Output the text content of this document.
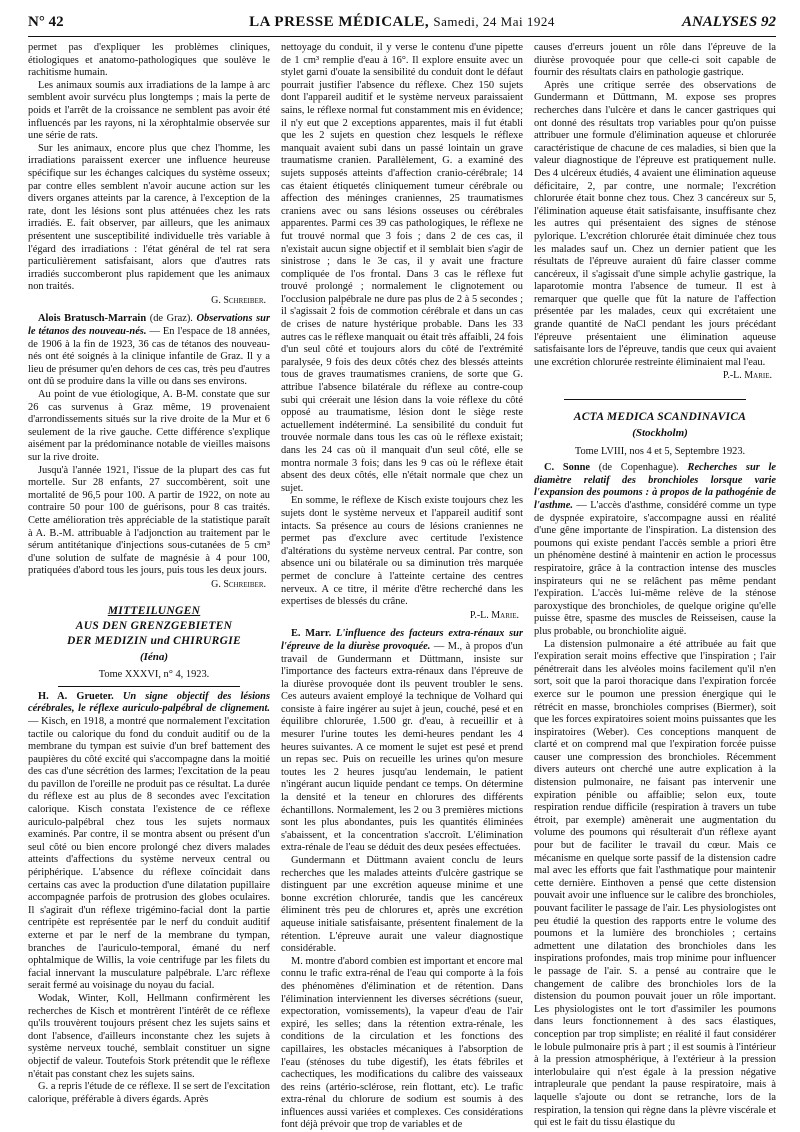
N° 42	LA PRESSE MÉDICALE, Samedi, 24 Mai 1924	ANALYSES 92

permet pas d'expliquer les problèmes cliniques, étiologiques et anatomo-pathologiques que soulève le rachitisme humain.

Les animaux soumis aux irradiations de la lampe à arc semblent avoir survécu plus longtemps ; mais la perte de poids et l'arrêt de la croissance ne semblent pas avoir été influencés par les rayons, ni la xérophtalmie observée sur une série de rats.

Sur les animaux, encore plus que chez l'homme, les irradiations paraissent exercer une influence heureuse spécifique sur les échanges calciques du système osseux; par contre elles semblent n'avoir aucune action sur les divers organes atteints par la carence, à l'exception de la rate, dont les lésions sont plus atténuées chez les rats irradiés. E. fait observer, par ailleurs, que les animaux présentent une susceptibilité individuelle très variable à l'égard des irradiations : l'état général de tel rat sera particulièrement satisfaisant, alors que d'autres rats irradiés succomberont plus rapidement que les animaux non traités.

G. Schreiber.

Alois Bratusch-Marrain (de Graz). Observations sur le tétanos des nouveau-nés. — En l'espace de 18 années, de 1906 à la fin de 1923, 36 cas de tétanos des nouveau-nés ont été soignés à la clinique infantile de Graz. Il y a lieu de présumer qu'en dehors de ces cas, très peu d'autres ont dû se produire dans la ville ou dans ses environs.

Au point de vue étiologique, A. B-M. constate que sur 26 cas survenus à Graz même, 19 provenaient d'arrondissements situés sur la rive droite de la Mur et 6 seulement de la rive gauche. Cette différence s'explique aisément par la prédominance notable de vieilles maisons sur la rive droite.

Jusqu'à l'année 1921, l'issue de la plupart des cas fut mortelle. Sur 28 enfants, 27 succombèrent, soit une mortalité de 96,5 pour 100. A partir de 1922, on note au contraire 50 pour 100 de guérisons, pour 8 cas traités. Cette amélioration très appréciable de la statistique paraît à A. B.-M. attribuable à l'adjonction au traitement par le sérum antitétanique d'injections sous-cutanées de 5 cm³ d'une solution de sulfate de magnésie à 4 pour 100, pratiquées d'abord tous les jours, puis tous les deux jours.

G. Schreiber.

MITTEILUNGEN

AUS DEN GRENZGEBIETEN

DER MEDIZIN und CHIRURGIE

(Iéna)

Tome XXXVI, n° 4, 1923.

H. A. Grueter. Un signe objectif des lésions cérébrales, le réflexe auriculo-palpébral de clignement. — Kisch, en 1918, a montré que normalement l'excitation tactile ou calorique du fond du conduit auditif ou de la membrane du tympan est suivie d'un bref battement des paupières du côté excité qui s'accompagne dans la moitié des cas d'une sécrétion des larmes; l'excitation de la peau du pavillon de l'oreille ne produit pas ce résultat. La durée du réflexe est au plus de 8 secondes avec l'excitation calorique. Kisch constata l'existence de ce réflexe auriculo-palpébral chez tous les sujets normaux examinés. Par contre, il se montra absent ou présent d'un seul côté ou bien encore prolongé chez divers malades atteints d'affections du système nerveux central ou périphérique. L'absence du réflexe coïncidait dans certains cas avec la production d'une dilatation pupillaire accompagnée parfois de protrusion des globes oculaires. Il s'agirait d'un réflexe trigémino-facial dont la partie centripète est représentée par le nerf du conduit auditif externe et par le nerf de la membrane du tympan, branches de l'auriculo-temporal, émané du nerf ophtalmique de Willis, la voie centrifuge par les filets du facial innervant la musculature palpébrale. L'arc réflexe serait fermé au voisinage du noyau du facial.

Wodak, Winter, Koll, Hellmann confirmèrent les recherches de Kisch et montrèrent l'intérêt de ce réflexe qu'ils trouvèrent toujours présent chez les sujets sains et dont l'absence, d'ailleurs inconstante chez les sujets à système nerveux touché, semblait constituer un signe objectif de valeur. Toutefois Stork prétendit que le réflexe n'était pas constant chez les sujets sains.

G. a repris l'étude de ce réflexe. Il se sert de l'excitation calorique, préférable à divers égards. Après

nettoyage du conduit, il y verse le contenu d'une pipette de 1 cm³ remplie d'eau à 16°. Il explore ensuite avec un stylet garni d'ouate la sensibilité du conduit dont le défaut pourrait justifier l'absence du réflexe. Chez 150 sujets dont l'appareil auditif et le système nerveux paraissaient sains, le réflexe normal fut constamment mis en évidence; il n'y eut que 2 exceptions apparentes, mais il fut établi que les 2 sujets en question chez lesquels le réflexe manquait avaient subi dans un passé lointain un grave traumatisme cranien. Parallèlement, G. a examiné des sujets supposés atteints d'affection cranio-cérébrale; 14 cas étaient étiquetés cliniquement tumeur cérébrale ou affection des méninges craniennes, 25 traumatismes craniens avec ou sans lésions osseuses ou cérébrales apparentes. Parmi ces 39 cas pathologiques, le réflexe ne fut trouvé normal que 3 fois ; dans 2 de ces cas, il n'existait aucun signe objectif et il semblait bien s'agir de sinistrose ; dans le 3e cas, il y avait une fracture compliquée de l'os frontal. Dans 3 cas le réflexe fut trouvé prolongé ; normalement le clignotement ou l'occlusion palpébrale ne dure pas plus de 2 à 5 secondes ; il s'agissait 2 fois de commotion cérébrale et dans un cas de crises de nature hystérique probable. Dans les 33 autres cas le réflexe manquait ou était très affaibli, 24 fois d'un seul côté et toujours alors du côté de l'extrémité paralysée, 9 fois des deux côtés chez des blessés atteints tous de graves traumatismes craniens, de sorte que G. attribue l'absence bilatérale du réflexe au contre-coup subi qui créerait une lésion dans la voie réflexe du côté opposé au traumatisme, lésion dont le siège reste actuellement indéterminé. La sensibilité du conduit fut trouvée normale dans tous les cas où le réflexe existait; dans les 24 cas où il manquait d'un seul côté, elle se montra normale 3 fois; dans les 9 cas où le réflexe était absent des deux côtés, elle n'était normale que chez un sujet.

En somme, le réflexe de Kisch existe toujours chez les sujets dont le système nerveux et l'appareil auditif sont intacts. Sa présence au cours de lésions craniennes ne permet pas d'exclure avec certitude l'existence d'altérations du système nerveux central. Par contre, son absence uni ou bilatérale ou sa diminution très marquée permet de conclure à l'atteinte certaine des centres nerveux. A ce titre, il mérite d'être recherché dans les expertises de blessés du crâne.

P.-L. Marie.

E. Marr. L'influence des facteurs extra-rénaux sur l'épreuve de la diurèse provoquée. — M., à propos d'un travail de Gundermann et Düttmann, insiste sur l'importance des facteurs extra-rénaux dans l'épreuve de la diurèse provoquée dont ils peuvent troubler le sens. Ces auteurs avaient employé la technique de Volhard qui consiste à faire ingérer au sujet à jeun, couché, pesé et en équilibre chlorurée, 1.500 gr. d'eau, à recueillir et à mesurer l'urine toutes les demi-heures pendant les 4 heures suivantes. A ce moment le sujet est pesé et prend un repas sec. Puis on recueille les urines qu'on mesure toutes les 2 heures jusqu'au lendemain, le patient n'ingérant aucun liquide pendant ce temps. On détermine la densité et la teneur en chlorures des différents échantillons. Normalement, les 2 ou 3 premières mictions sont les plus abondantes, puis les quantités éliminées s'abaissent, et la concentration s'accroît. L'élimination extra-rénale de l'eau se déduit des deux pesées effectuées.

Gundermann et Düttmann avaient conclu de leurs recherches que les malades atteints d'ulcère gastrique se distinguent par une excrétion aqueuse minime et une bonne excrétion chlorurée, tandis que les cancéreux éliminent très peu de chlorures et, après une excrétion aqueuse initiale satisfaisante, présentent finalement de la rétention. L'épreuve aurait une valeur diagnostique considérable.

M. montre d'abord combien est important et encore mal connu le trafic extra-rénal de l'eau qui comporte à la fois des phénomènes d'élimination et de rétention. Dans l'élimination interviennent les diverses sécrétions (sueur, expectoration, vomissements), la vapeur d'eau de l'air expiré, les selles; dans la rétention extra-rénale, les conditions de la circulation et les fonctions des capillaires, les obstacles mécaniques à l'absorption de l'eau (sténoses du tube digestif), les états fébriles et cachectiques, les modifications du calibre des vaisseaux des reins (artério-sclérose, rein flottant, etc). Le trafic extra-rénal du chlorure de sodium est soumis à des influences aussi variées et complexes. Ces considérations font déjà prévoir que trop de variables et de

causes d'erreurs jouent un rôle dans l'épreuve de la diurèse provoquée pour que celle-ci soit capable de fournir des résultats clairs en pathologie gastrique.

Après une critique serrée des observations de Gundermann et Düttmann, M. expose ses propres recherches dans l'ulcère et dans le cancer gastriques qui ont donné des résultats trop variables pour qu'on puisse attribuer une formule d'élimination aqueuse et chlorurée caractéristique de chacune de ces maladies, si bien que la valeur diagnostique de l'épreuve est pratiquement nulle. Des 4 ulcéreux étudiés, 4 avaient une élimination aqueuse déficitaire, 2, par contre, une normale; l'excrétion chlorurée était bonne chez tous. Chez 3 cancéreux sur 5, l'élimination aqueuse était satisfaisante, insuffisante chez les autres qui présentaient des signes de sténose pylorique. L'excrétion chlorurée était diminuée chez tous les malades sauf un. Chez un dernier patient que les résultats de l'épreuve auraient dû faire classer comme cancéreux, il s'agissait d'une simple achylie gastrique, la laparotomie montra l'absence de tumeur. Il est à remarquer que quelle que fût la nature de l'affection présentée par les malades, ceux qui excrétaient une grande quantité de NaCl pendant les jours précédant l'épreuve présentaient une élimination aqueuse satisfaisante lors de l'épreuve, tandis que ceux qui avaient une excrétion chlorurée restreinte éliminaient mal l'eau.

P.-L. Marie.

ACTA MEDICA SCANDINAVICA

(Stockholm)

Tome LVIII, nos 4 et 5, Septembre 1923.

C. Sonne (de Copenhague). Recherches sur le diamètre relatif des bronchioles lorsque varie l'expansion des poumons : à propos de la pathogénie de l'asthme. — L'accès d'asthme, considéré comme un type de dyspnée expiratoire, s'accompagne aussi en réalité d'une gêne importante de l'inspiration. La distension des poumons qui existe pendant l'accès semble a priori être un phénomène destiné à maintenir en action le processus respiratoire, grâce à la contraction intense des muscles inspirateurs qui ne se relâchent pas même pendant l'expiration. L'accès lui-même relève de la sténose paroxystique des bronchioles, de quelque origine qu'elle puisse être, spasme des muscles de Reisseisen, cause la plus probable, ou bronchiolite aiguë.

La distension pulmonaire a été attribuée au fait que l'expiration serait moins effective que l'inspiration ; l'air pénétrerait dans les alvéoles moins facilement qu'il n'en sort, soit que la paroi thoracique dans l'expiration forcée exerce sur le poumon une pression énergique qui le rétrécit en masse, bronchioles comprises (Biermer), soit que les forces expiratoires soient moins puissantes que les inspiratoires (Weber). Ces conceptions manquent de clarté et on comprend mal que l'expiration forcée puisse causer une compression des bronchioles. Récemment divers auteurs ont cherché une autre explication à la distension pulmonaire, ne faisant pas intervenir une expiration pénible ou affaiblie; selon eux, toute respiration rendue difficile (respiration à travers un tube étroit, par exemple) amènerait une augmentation du volume des poumons qui résulterait d'un réflexe ayant pour but de faciliter le travail du cœur. Mais ce mécanisme en quelque sorte passif de la distension cadre mal avec les efforts que fait l'asthmatique pour maintenir cette dernière. Einthoven a pensé que cette distension pouvait avoir une influence sur le calibre des bronchioles, pouvant faciliter le passage de l'air. Les physiologistes ont peu étudié la question des rapports entre le volume des poumons et la lumière des bronchioles ; certains admettent une dilatation des bronchioles dans les inspirations profondes, mais trop minime pour influencer le passage de l'air. S. a pensé au contraire que le changement de calibre des bronchioles lors de la distension du poumon pouvait jouer un rôle important. Les physiologistes ont le tort d'assimiler les poumons dans leurs fonctionnement à des sacs élastiques, conception par trop simpliste; en réalité il faut considérer le lobule pulmonaire pris à part ; il est soumis à l'intérieur à la pression atmosphérique, à l'extérieur à la pression interlobulaire qui n'est égale à la pression négative intrapleurale que pendant la pause respiratoire, mais à laquelle s'ajoute ou dont se retranche, lors de la respiration, la tension qui règne dans la plèvre viscérale et qui est le fait du tissu élastique du
